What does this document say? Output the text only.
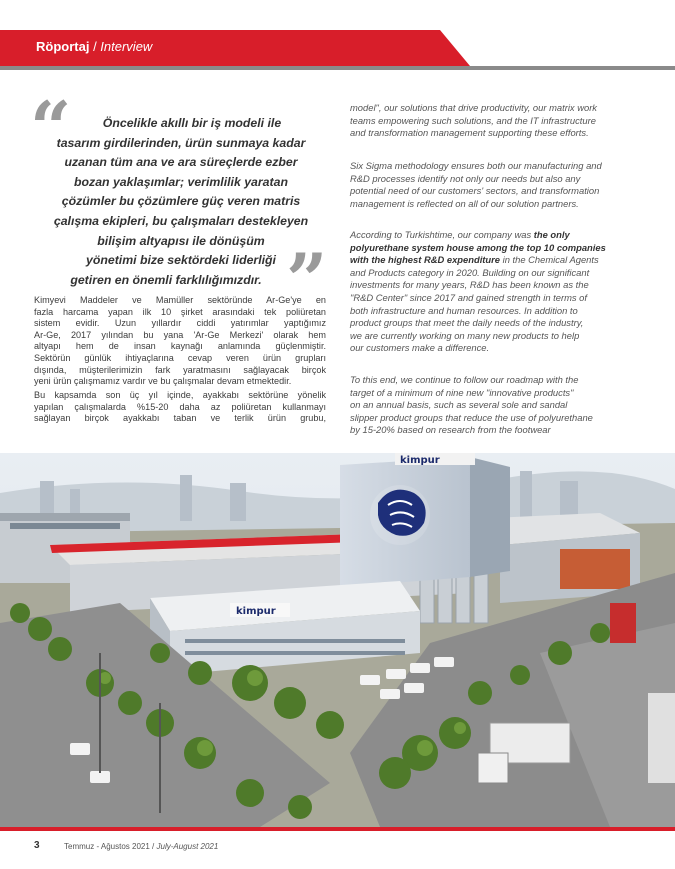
Röportaj / Interview
“
”
Öncelikle akıllı bir iş modeli ile
tasarım girdilerinden, ürün sunmaya kadar
uzanan tüm ana ve ara süreçlerde ezber
bozan yaklaşımlar; verimlilik yaratan
çözümler bu çözümlere güç veren matris
çalışma ekipleri, bu çalışmaları destekleyen
bilişim altyapısı ile dönüşüm
yönetimi bize sektördeki liderliği
getiren en önemli farklılığımızdır.
Kimyevi Maddeler ve Mamüller sektöründe Ar-Ge'ye en
fazla harcama yapan ilk 10 şirket arasındaki tek poliüretan
sistem evidir. Uzun yıllardır ciddi yatırımlar yaptığımız
Ar-Ge, 2017 yılından bu yana 'Ar-Ge Merkezi' olarak hem
altyapı hem de insan kaynağı anlamında güçlenmiştir.
Sektörün günlük ihtiyaçlarına cevap veren ürün grupları
dışında, müşterilerimizin fark yaratmasını sağlayacak birçok
yeni ürün çalışmamız vardır ve bu çalışmalar devam etmektedir.
Bu kapsamda son üç yıl içinde, ayakkabı sektörüne yönelik
yapılan çalışmalarda %15-20 daha az poliüretan kullanmayı
sağlayan birçok ayakkabı taban ve terlik ürün grubu,
model", our solutions that drive productivity, our matrix work
teams empowering such solutions, and the IT infrastructure
and transformation management supporting these efforts.
Six Sigma methodology ensures both our manufacturing and
R&D processes identify not only our needs but also any
potential need of our customers' sectors, and transformation
management is reflected on all of our solution partners.
According to Turkishtime, our company was the only
polyurethane system house among the top 10 companies
with the highest R&D expenditure in the Chemical Agents
and Products category in 2020. Building on our significant
investments for many years, R&D has been known as the
"R&D Center" since 2017 and gained strength in terms of
both infrastructure and human resources. In addition to
product groups that meet the daily needs of the industry,
we are currently working on many new products to help
our customers make a difference.
To this end, we continue to follow our roadmap with the
target of a minimum of nine new "innovative products"
on an annual basis, such as several sole and sandal
slipper product groups that reduce the use of polyurethane
by 15-20% based on research from the footwear
kimpur
kimpur
3	Temmuz - Ağustos 2021 / July-August 2021
